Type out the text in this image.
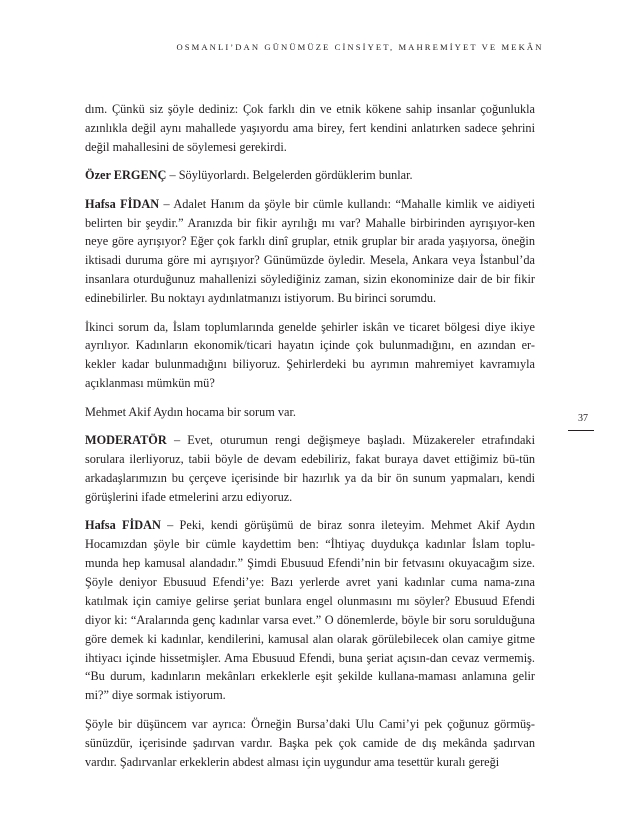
OSMANLI’DAN GÜNÜMÜZE CİNSİYET, MAHREMİYET VE MEKÂN

dım. Çünkü siz şöyle dediniz: Çok farklı din ve etnik kökene sahip insanlar çoğunlukla azınlıkla değil aynı mahallede yaşıyordu ama birey, fert kendini anlatırken sadece şehrini değil mahallesini de söylemesi gerekirdi.

Özer ERGENÇ – Söylüyorlardı. Belgelerden gördüklerim bunlar.

Hafsa FİDAN – Adalet Hanım da şöyle bir cümle kullandı: “Mahalle kimlik ve aidiyeti belirten bir şeydir.” Aranızda bir fikir ayrılığı mı var? Mahalle birbirinden ayrışıyor-ken neye göre ayrışıyor? Eğer çok farklı dinî gruplar, etnik gruplar bir arada yaşıyorsa, öneğin iktisadi duruma göre mi ayrışıyor? Günümüzde öyledir. Mesela, Ankara veya İstanbul’da insanlara oturduğunuz mahallenizi söylediğiniz zaman, sizin ekonominize dair de bir fikir edinebilirler. Bu noktayı aydınlatmanızı istiyorum. Bu birinci sorumdu.

İkinci sorum da, İslam toplumlarında genelde şehirler iskân ve ticaret bölgesi diye ikiye ayrılıyor. Kadınların ekonomik/ticari hayatın içinde çok bulunmadığını, en azından er-kekler kadar bulunmadığını biliyoruz. Şehirlerdeki bu ayrımın mahremiyet kavramıyla açıklanması mümkün mü?

Mehmet Akif Aydın hocama bir sorum var.

MODERATÖR – Evet, oturumun rengi değişmeye başladı. Müzakereler etrafındaki sorulara ilerliyoruz, tabii böyle de devam edebiliriz, fakat buraya davet ettiğimiz bü-tün arkadaşlarımızın bu çerçeve içerisinde bir hazırlık ya da bir ön sunum yapmaları, kendi görüşlerini ifade etmelerini arzu ediyoruz.

Hafsa FİDAN – Peki, kendi görüşümü de biraz sonra ileteyim. Mehmet Akif Aydın Hocamızdan şöyle bir cümle kaydettim ben: “İhtiyaç duydukça kadınlar İslam toplu-munda hep kamusal alandadır.” Şimdi Ebusuud Efendi’nin bir fetvasını okuyacağım size. Şöyle deniyor Ebusuud Efendi’ye: Bazı yerlerde avret yani kadınlar cuma nama-zına katılmak için camiye gelirse şeriat bunlara engel olunmasını mı söyler? Ebusuud Efendi diyor ki: “Aralarında genç kadınlar varsa evet.” O dönemlerde, böyle bir soru sorulduğuna göre demek ki kadınlar, kendilerini, kamusal alan olarak görülebilecek olan camiye gitme ihtiyacı içinde hissetmişler. Ama Ebusuud Efendi, buna şeriat açısın-dan cevaz vermemiş. “Bu durum, kadınların mekânları erkeklerle eşit şekilde kullana-maması anlamına gelir mi?” diye sormak istiyorum.

Şöyle bir düşüncem var ayrıca: Örneğin Bursa’daki Ulu Cami’yi pek çoğunuz görmüş-sünüzdür, içerisinde şadırvan vardır. Başka pek çok camide de dış mekânda şadırvan vardır. Şadırvanlar erkeklerin abdest alması için uygundur ama tesettür kuralı gereği

37
